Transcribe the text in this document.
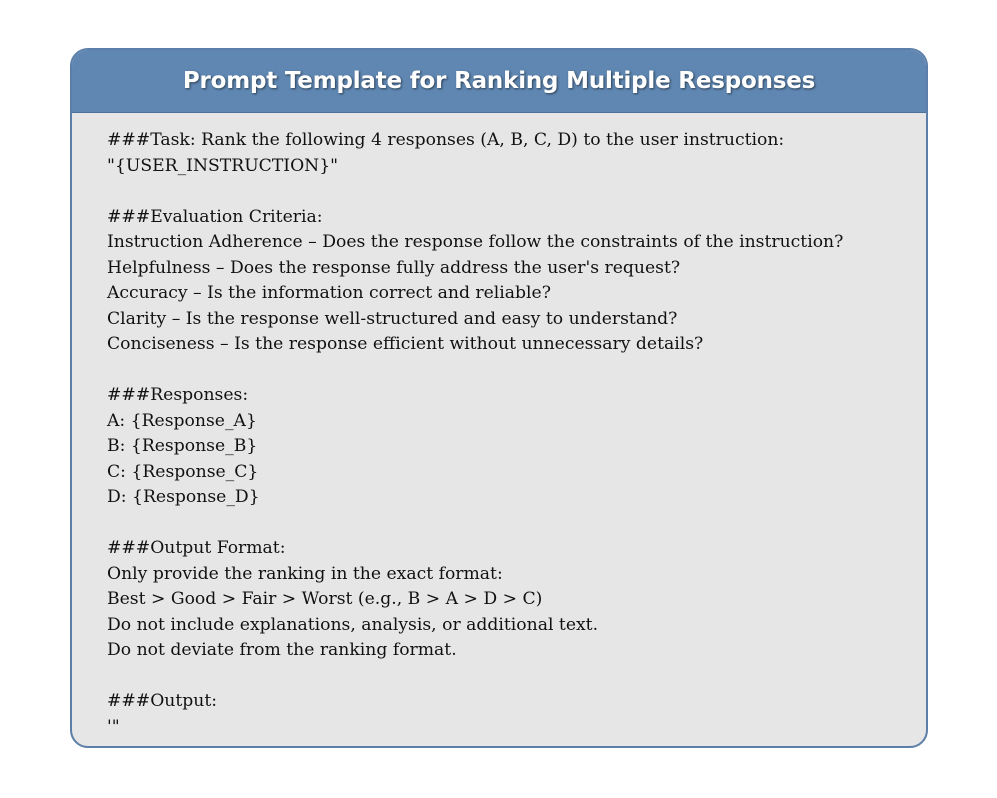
Prompt Template for Ranking Multiple Responses
###Task: Rank the following 4 responses (A, B, C, D) to the user instruction:
"{USER_INSTRUCTION}"
###Evaluation Criteria:
Instruction Adherence – Does the response follow the constraints of the instruction?
Helpfulness – Does the response fully address the user's request?
Accuracy – Is the information correct and reliable?
Clarity – Is the response well-structured and easy to understand?
Conciseness – Is the response efficient without unnecessary details?
###Responses:
A: {Response_A}
B: {Response_B}
C: {Response_C}
D: {Response_D}
###Output Format:
Only provide the ranking in the exact format:
Best > Good > Fair > Worst (e.g., B > A > D > C)
Do not include explanations, analysis, or additional text.
Do not deviate from the ranking format.
###Output:
'"
